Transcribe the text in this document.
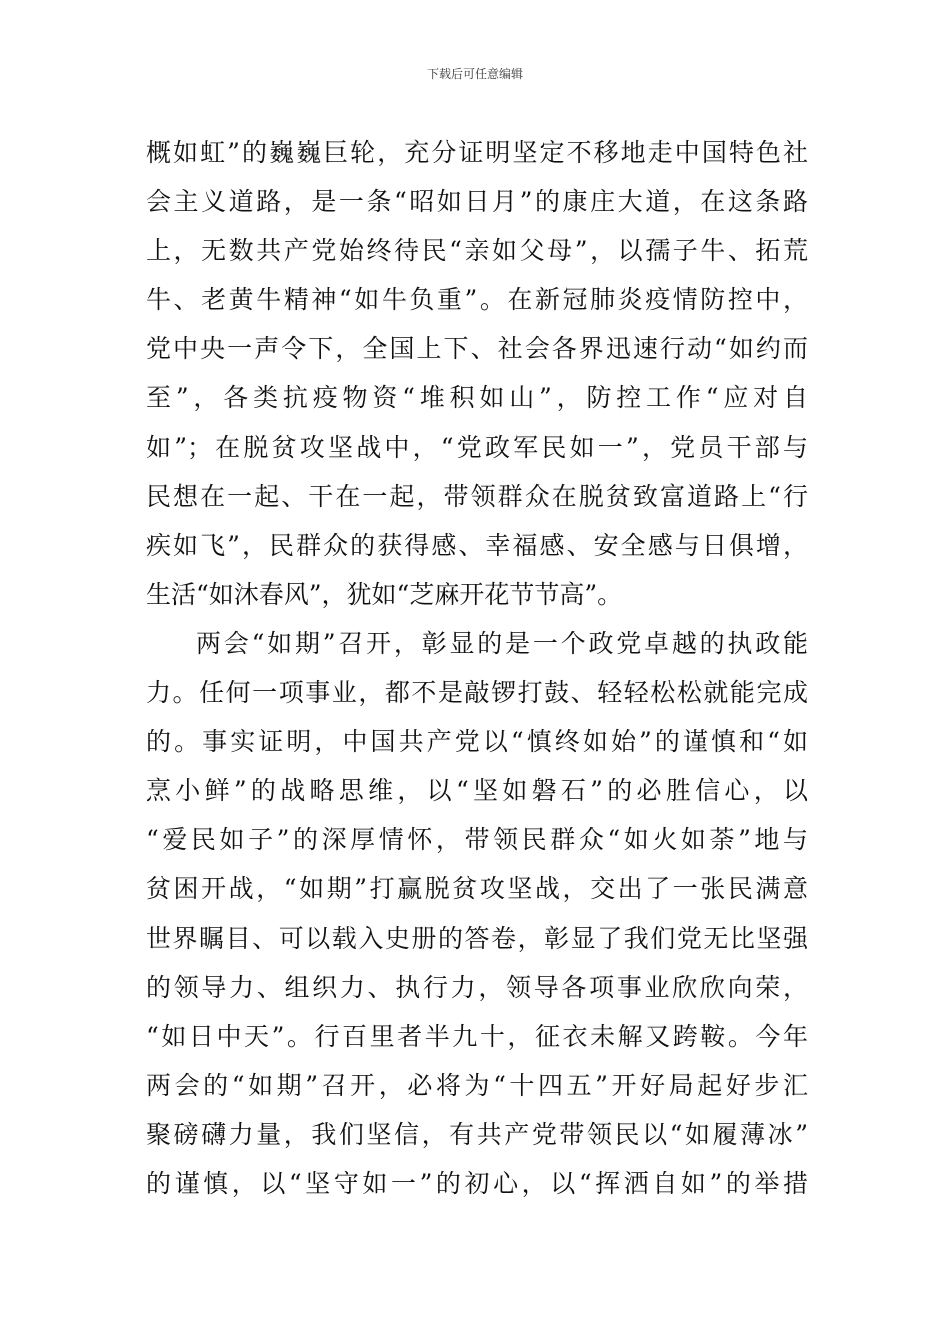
下载后可任意编辑
概如虹”的巍巍巨轮，充分证明坚定不移地走中国特色社
会主义道路，是一条“昭如日月”的康庄大道，在这条路
上，无数共产党始终待民“亲如父母”，以孺子牛、拓荒
牛、老黄牛精神“如牛负重”。在新冠肺炎疫情防控中，
党中央一声令下，全国上下、社会各界迅速行动“如约而
至”，各类抗疫物资“堆积如山”，防控工作“应对自
如”；在脱贫攻坚战中，“党政军民如一”，党员干部与
民想在一起、干在一起，带领群众在脱贫致富道路上“行
疾如飞”，民群众的获得感、幸福感、安全感与日俱增，
生活“如沐春风”，犹如“芝麻开花节节高”。
两会“如期”召开，彰显的是一个政党卓越的执政能
力。任何一项事业，都不是敲锣打鼓、轻轻松松就能完成
的。事实证明，中国共产党以“慎终如始”的谨慎和“如
烹小鲜”的战略思维，以“坚如磐石”的必胜信心，以
“爱民如子”的深厚情怀，带领民群众“如火如荼”地与
贫困开战，“如期”打赢脱贫攻坚战，交出了一张民满意
世界瞩目、可以载入史册的答卷，彰显了我们党无比坚强
的领导力、组织力、执行力，领导各项事业欣欣向荣，
“如日中天”。行百里者半九十，征衣未解又跨鞍。今年
两会的“如期”召开，必将为“十四五”开好局起好步汇
聚磅礴力量，我们坚信，有共产党带领民以“如履薄冰”
的谨慎，以“坚守如一”的初心，以“挥洒自如”的举措
